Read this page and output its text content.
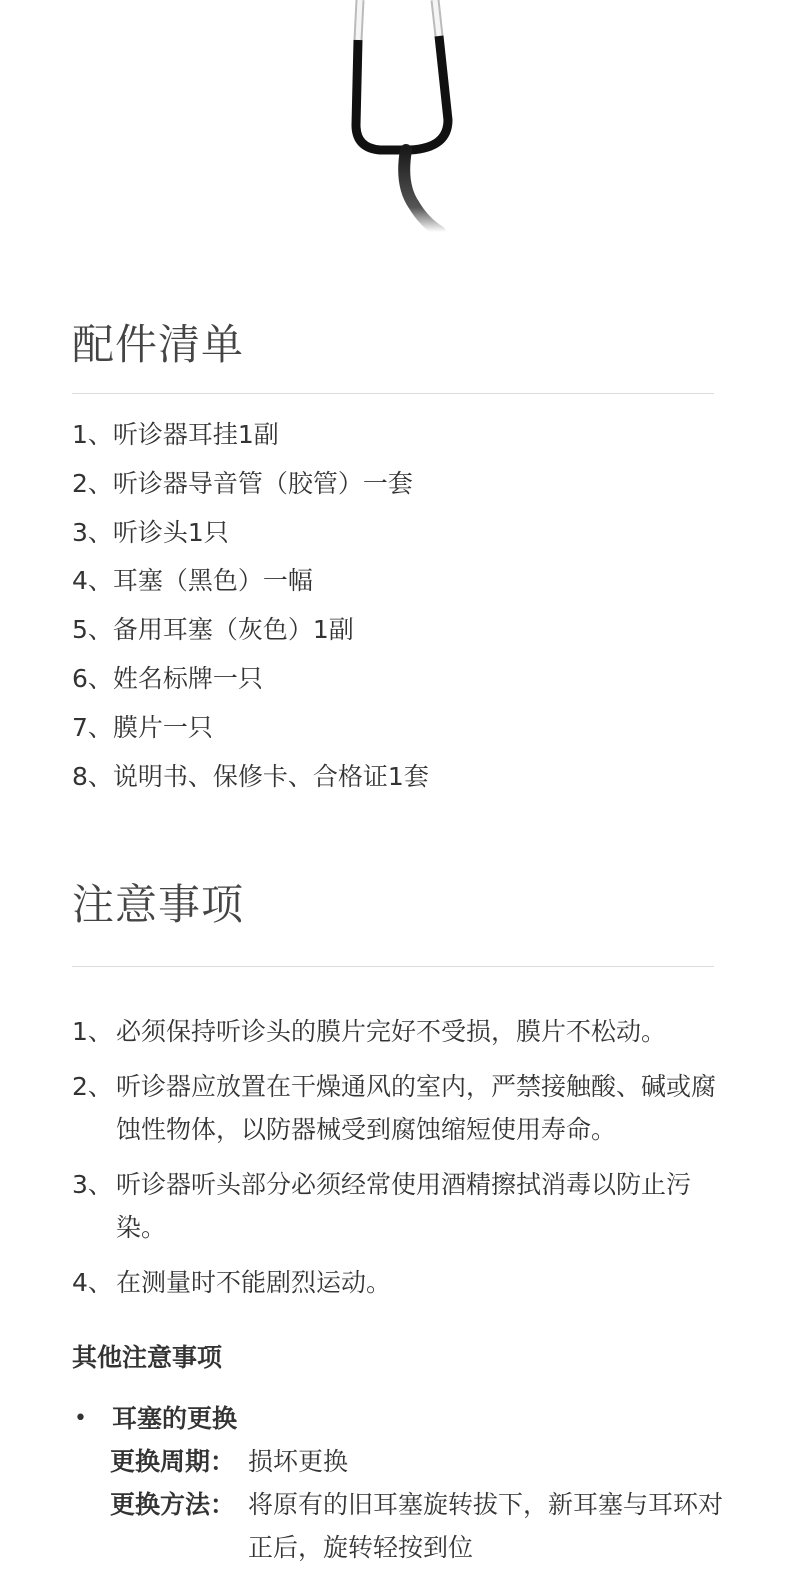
配件清单
1、听诊器耳挂1副
2、听诊器导音管（胶管）一套
3、听诊头1只
4、耳塞（黑色）一幅
5、备用耳塞（灰色）1副
6、姓名标牌一只
7、膜片一只
8、说明书、保修卡、合格证1套
注意事项
1、 必须保持听诊头的膜片完好不受损，膜片不松动。
2、 听诊器应放置在干燥通风的室内，严禁接触酸、碱或腐蚀性物体，以防器械受到腐蚀缩短使用寿命。
3、 听诊器听头部分必须经常使用酒精擦拭消毒以防止污染。
4、 在测量时不能剧烈运动。
其他注意事项
•	耳塞的更换
更换周期： 损坏更换
更换方法： 将原有的旧耳塞旋转拔下，新耳塞与耳环对正后，旋转轻按到位
